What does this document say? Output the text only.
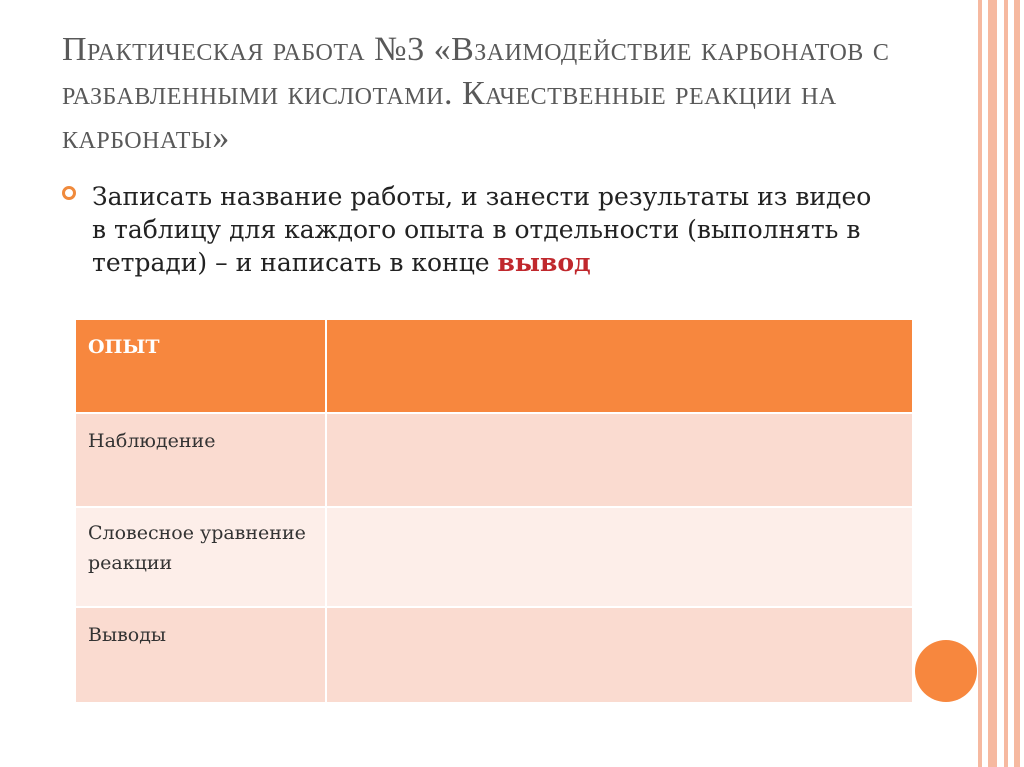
Практическая работа №3 «Взаимодействие карбонатов с разбавленными кислотами. Качественные реакции на карбонаты»
Записать название работы, и занести результаты из видео в таблицу для каждого опыта в отдельности (выполнять в тетради) – и написать в конце вывод
ОПЫТ	
Наблюдение	
Словесное уравнение реакции	
Выводы	
